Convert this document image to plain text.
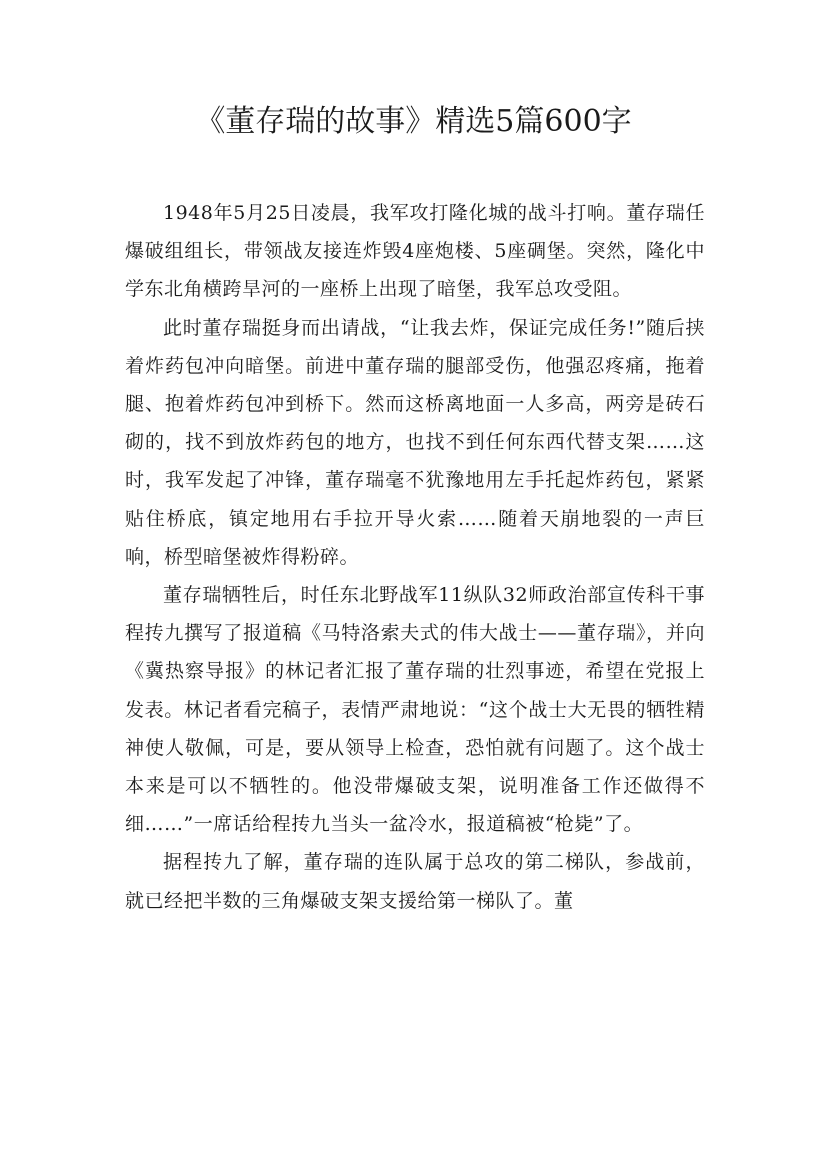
《董存瑞的故事》精选5篇600字

1948年5月25日凌晨，我军攻打隆化城的战斗打响。董存瑞任爆破组组长，带领战友接连炸毁4座炮楼、5座碉堡。突然，隆化中学东北角横跨旱河的一座桥上出现了暗堡，我军总攻受阻。

此时董存瑞挺身而出请战，“让我去炸，保证完成任务!”随后挟着炸药包冲向暗堡。前进中董存瑞的腿部受伤，他强忍疼痛，拖着腿、抱着炸药包冲到桥下。然而这桥离地面一人多高，两旁是砖石砌的，找不到放炸药包的地方，也找不到任何东西代替支架……这时，我军发起了冲锋，董存瑞毫不犹豫地用左手托起炸药包，紧紧贴住桥底，镇定地用右手拉开导火索……随着天崩地裂的一声巨响，桥型暗堡被炸得粉碎。

董存瑞牺牲后，时任东北野战军11纵队32师政治部宣传科干事程抟九撰写了报道稿《马特洛索夫式的伟大战士——董存瑞》，并向《冀热察导报》的林记者汇报了董存瑞的壮烈事迹，希望在党报上发表。林记者看完稿子，表情严肃地说：“这个战士大无畏的牺牲精神使人敬佩，可是，要从领导上检查，恐怕就有问题了。这个战士本来是可以不牺牲的。他没带爆破支架，说明准备工作还做得不细……”一席话给程抟九当头一盆冷水，报道稿被“枪毙”了。

据程抟九了解，董存瑞的连队属于总攻的第二梯队，参战前，就已经把半数的三角爆破支架支援给第一梯队了。董
